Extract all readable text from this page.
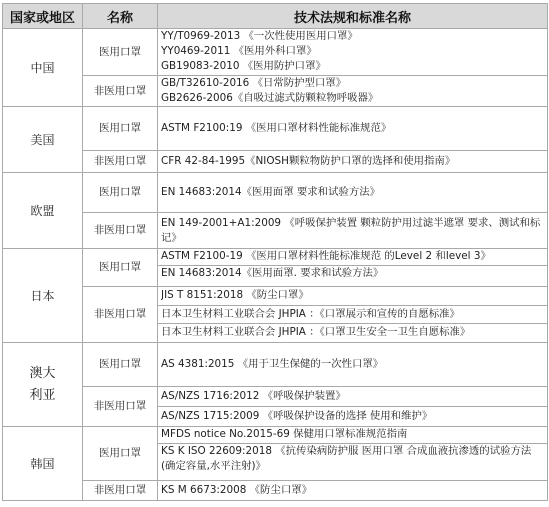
国家或地区	名称	技术法规和标准名称
中国	医用口罩	YY/T0969-2013 《一次性使用医用口罩》
YY0469-2011 《医用外科口罩》
GB19083-2010 《医用防护口罩》

	非医用口罩	GB/T32610-2016 《日常防护型口罩》
GB2626-2006《自吸过滤式防颗粒物呼吸器》

美国	医用口罩	ASTM F2100:19 《医用口罩材料性能标准规范》

	非医用口罩	CFR 42-84-1995《NIOSH颗粒物防护口罩的选择和使用指南》

欧盟	医用口罩	EN 14683:2014《医用面罩 要求和试验方法》

	非医用口罩	EN 149-2001+A1:2009 《呼吸保护装置 颗粒防护用过滤半遮罩 要求、测试和标记》

日本	医用口罩	ASTM F2100-19 《医用口罩材料性能标准规范 的Level 2 和level 3》
EN 14683:2014《医用面罩. 要求和试验方法》

	非医用口罩	JIS T 8151:2018 《防尘口罩》
日本卫生材料工业联合会 JHPIA ：《口罩展示和宣传的自愿标准》
日本卫生材料工业联合会 JHPIA ：《口罩卫生安全一卫生自愿标准》

澳大利亚	医用口罩	AS 4381:2015 《用于卫生保健的一次性口罩》

	非医用口罩	AS/NZS 1716:2012 《呼吸保护装置》
AS/NZS 1715:2009 《呼吸保护设备的选择 使用和维护》

韩国	医用口罩	MFDS notice No.2015-69 保健用口罩标准规范指南
KS K ISO 22609:2018 《抗传染病防护服 医用口罩 合成血液抗渗透的试验方法(确定容量,水平注射)》

	非医用口罩	KS M 6673:2008 《防尘口罩》
